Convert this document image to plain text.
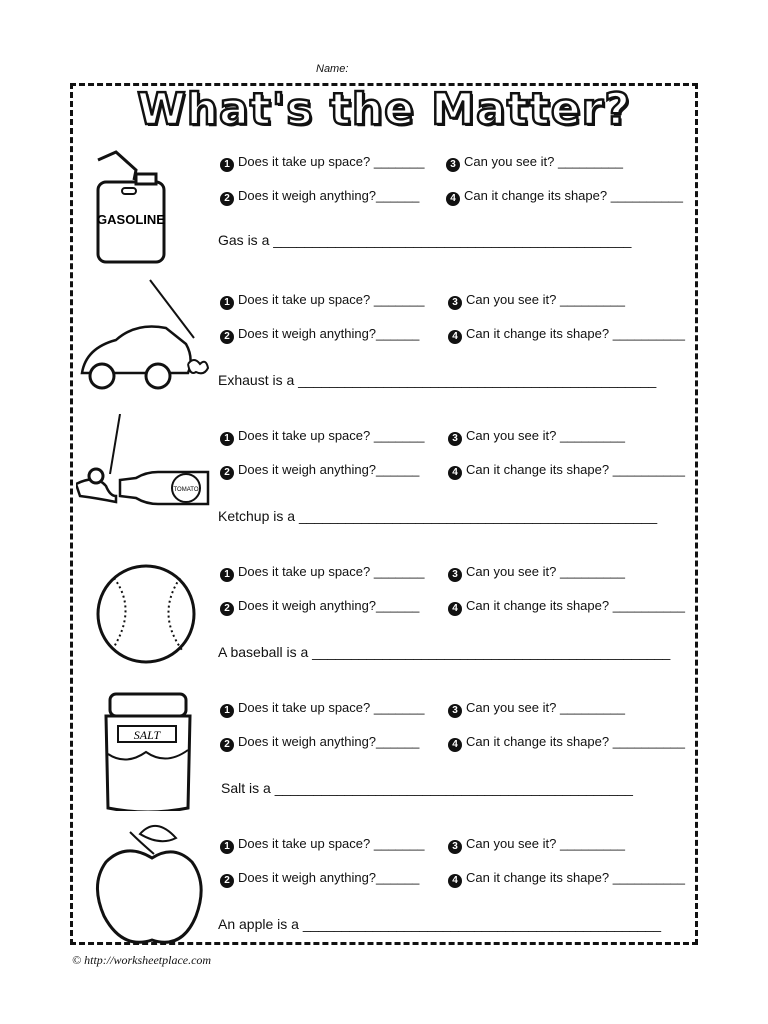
Name:
What's the Matter?
GASOLINE
1 Does it take up space? _______
2 Does it weigh anything?______
3 Can you see it? _________
4 Can it change its shape? __________
Gas is a ______________________________________________
1 Does it take up space? _______
2 Does it weigh anything?______
3 Can you see it? _________
4 Can it change its shape? __________
Exhaust is a ______________________________________________
TOMATO
1 Does it take up space? _______
2 Does it weigh anything?______
3 Can you see it? _________
4 Can it change its shape? __________
Ketchup is a ______________________________________________
1 Does it take up space? _______
2 Does it weigh anything?______
3 Can you see it? _________
4 Can it change its shape? __________
A baseball is a ______________________________________________
SALT
1 Does it take up space? _______
2 Does it weigh anything?______
3 Can you see it? _________
4 Can it change its shape? __________
Salt is a ______________________________________________
1 Does it take up space? _______
2 Does it weigh anything?______
3 Can you see it? _________
4 Can it change its shape? __________
An apple is a ______________________________________________
© http://worksheetplace.com
